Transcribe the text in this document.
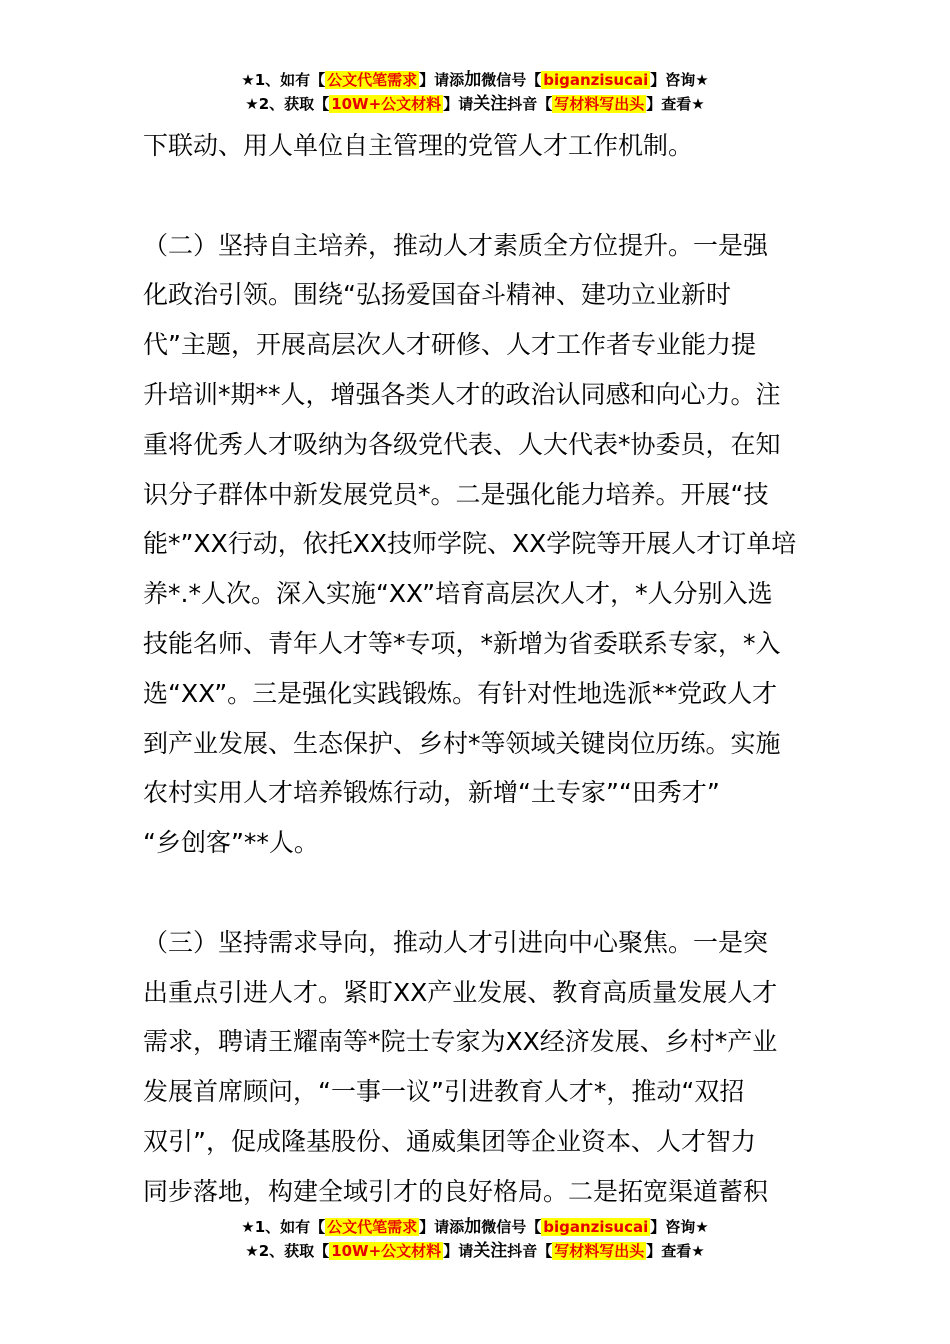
★1、如有【 公文代笔需求 】请添加微信号【 biganzisucai 】咨询★
★2、获取【 10W+公文材料 】请关注抖音【 写材料写出头 】查看★
下联动、用人单位自主管理的党管人才工作机制。
（二）坚持自主培养，推动人才素质全方位提升。一是强
化政治引领。围绕“弘扬爱国奋斗精神、建功立业新时
代”主题，开展高层次人才研修、人才工作者专业能力提
升培训*期**人，增强各类人才的政治认同感和向心力。注
重将优秀人才吸纳为各级党代表、人大代表*协委员，在知
识分子群体中新发展党员*。二是强化能力培养。开展“技
能*”XX行动，依托XX技师学院、XX学院等开展人才订单培
养*.*人次。深入实施“XX”培育高层次人才，*人分别入选
技能名师、青年人才等*专项，*新增为省委联系专家，*入
选“XX”。三是强化实践锻炼。有针对性地选派**党政人才
到产业发展、生态保护、乡村*等领域关键岗位历练。实施
农村实用人才培养锻炼行动，新增“土专家”“田秀才”
“乡创客”**人。
（三）坚持需求导向，推动人才引进向中心聚焦。一是突
出重点引进人才。紧盯XX产业发展、教育高质量发展人才
需求，聘请王耀南等*院士专家为XX经济发展、乡村*产业
发展首席顾问，“一事一议”引进教育人才*，推动“双招
双引”，促成隆基股份、通威集团等企业资本、人才智力
同步落地，构建全域引才的良好格局。二是拓宽渠道蓄积
★1、如有【 公文代笔需求 】请添加微信号【 biganzisucai 】咨询★
★2、获取【 10W+公文材料 】请关注抖音【 写材料写出头 】查看★
